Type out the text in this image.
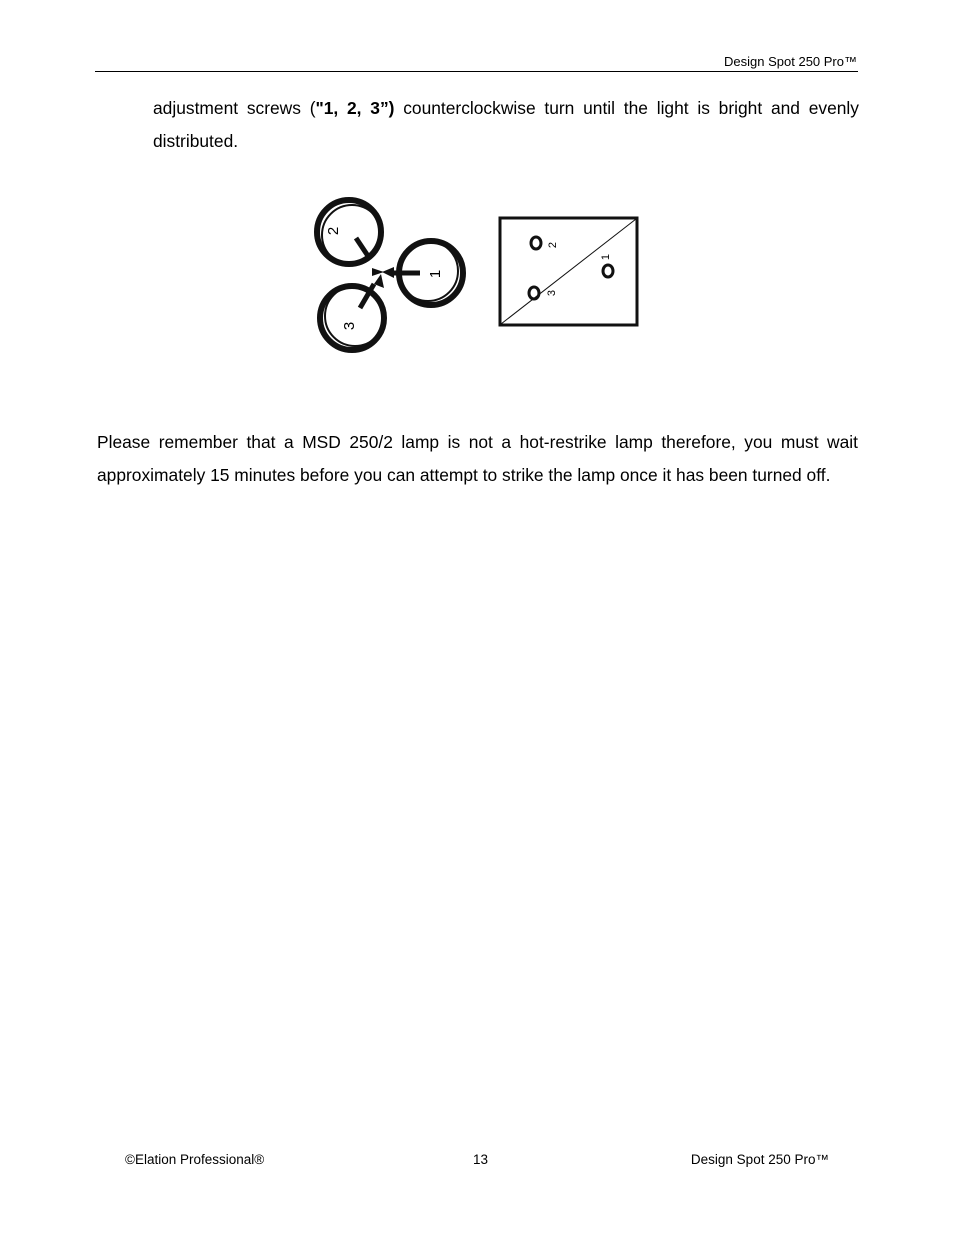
Design Spot 250 Pro™

adjustment screws ("1, 2, 3”) counterclockwise turn until the light is bright and evenly distributed.

2
1
3
2
1
3

Please remember that a MSD 250/2 lamp is not a hot-restrike lamp therefore, you must wait approximately 15 minutes before you can attempt to strike the lamp once it has been turned off.

©Elation Professional®	13	Design Spot 250 Pro™
